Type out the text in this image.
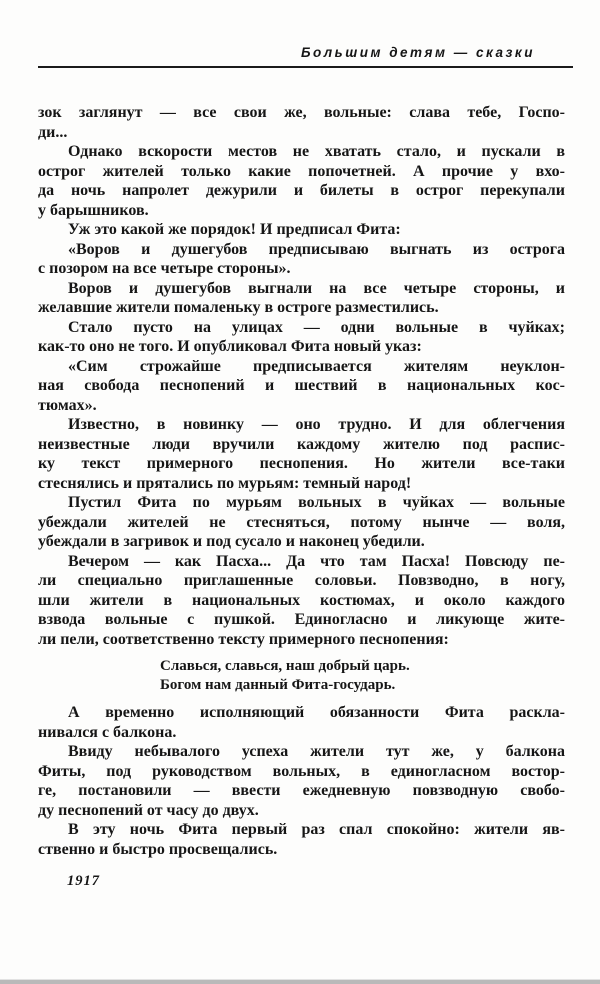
Большим детям — сказки
зок заглянут — все свои же, вольные: слава тебе, Госпо-
ди...
Однако вскорости местов не хватать стало, и пускали в
острог жителей только какие попочетней. А прочие у вхо-
да ночь напролет дежурили и билеты в острог перекупали
у барышников.
Уж это какой же порядок! И предписал Фита:
«Воров и душегубов предписываю выгнать из острога
с позором на все четыре стороны».
Воров и душегубов выгнали на все четыре стороны, и
желавшие жители помаленьку в остроге разместились.
Стало пусто на улицах — одни вольные в чуйках;
как-то оно не того. И опубликовал Фита новый указ:
«Сим строжайше предписывается жителям неуклон-
ная свобода песнопений и шествий в национальных кос-
тюмах».
Известно, в новинку — оно трудно. И для облегчения
неизвестные люди вручили каждому жителю под распис-
ку текст примерного песнопения. Но жители все-таки
стеснялись и прятались по мурьям: темный народ!
Пустил Фита по мурьям вольных в чуйках — вольные
убеждали жителей не стесняться, потому нынче — воля,
убеждали в загривок и под сусало и наконец убедили.
Вечером — как Пасха... Да что там Пасха! Повсюду пе-
ли специально приглашенные соловьи. Повзводно, в ногу,
шли жители в национальных костюмах, и около каждого
взвода вольные с пушкой. Единогласно и ликующе жите-
ли пели, соответственно тексту примерного песнопения:
Славься, славься, наш добрый царь.
Богом нам данный Фита-государь.
А временно исполняющий обязанности Фита раскла-
нивался с балкона.
Ввиду небывалого успеха жители тут же, у балкона
Фиты, под руководством вольных, в единогласном востор-
ге, постановили — ввести ежедневную повзводную свобо-
ду песнопений от часу до двух.
В эту ночь Фита первый раз спал спокойно: жители яв-
ственно и быстро просвещались.
1917
